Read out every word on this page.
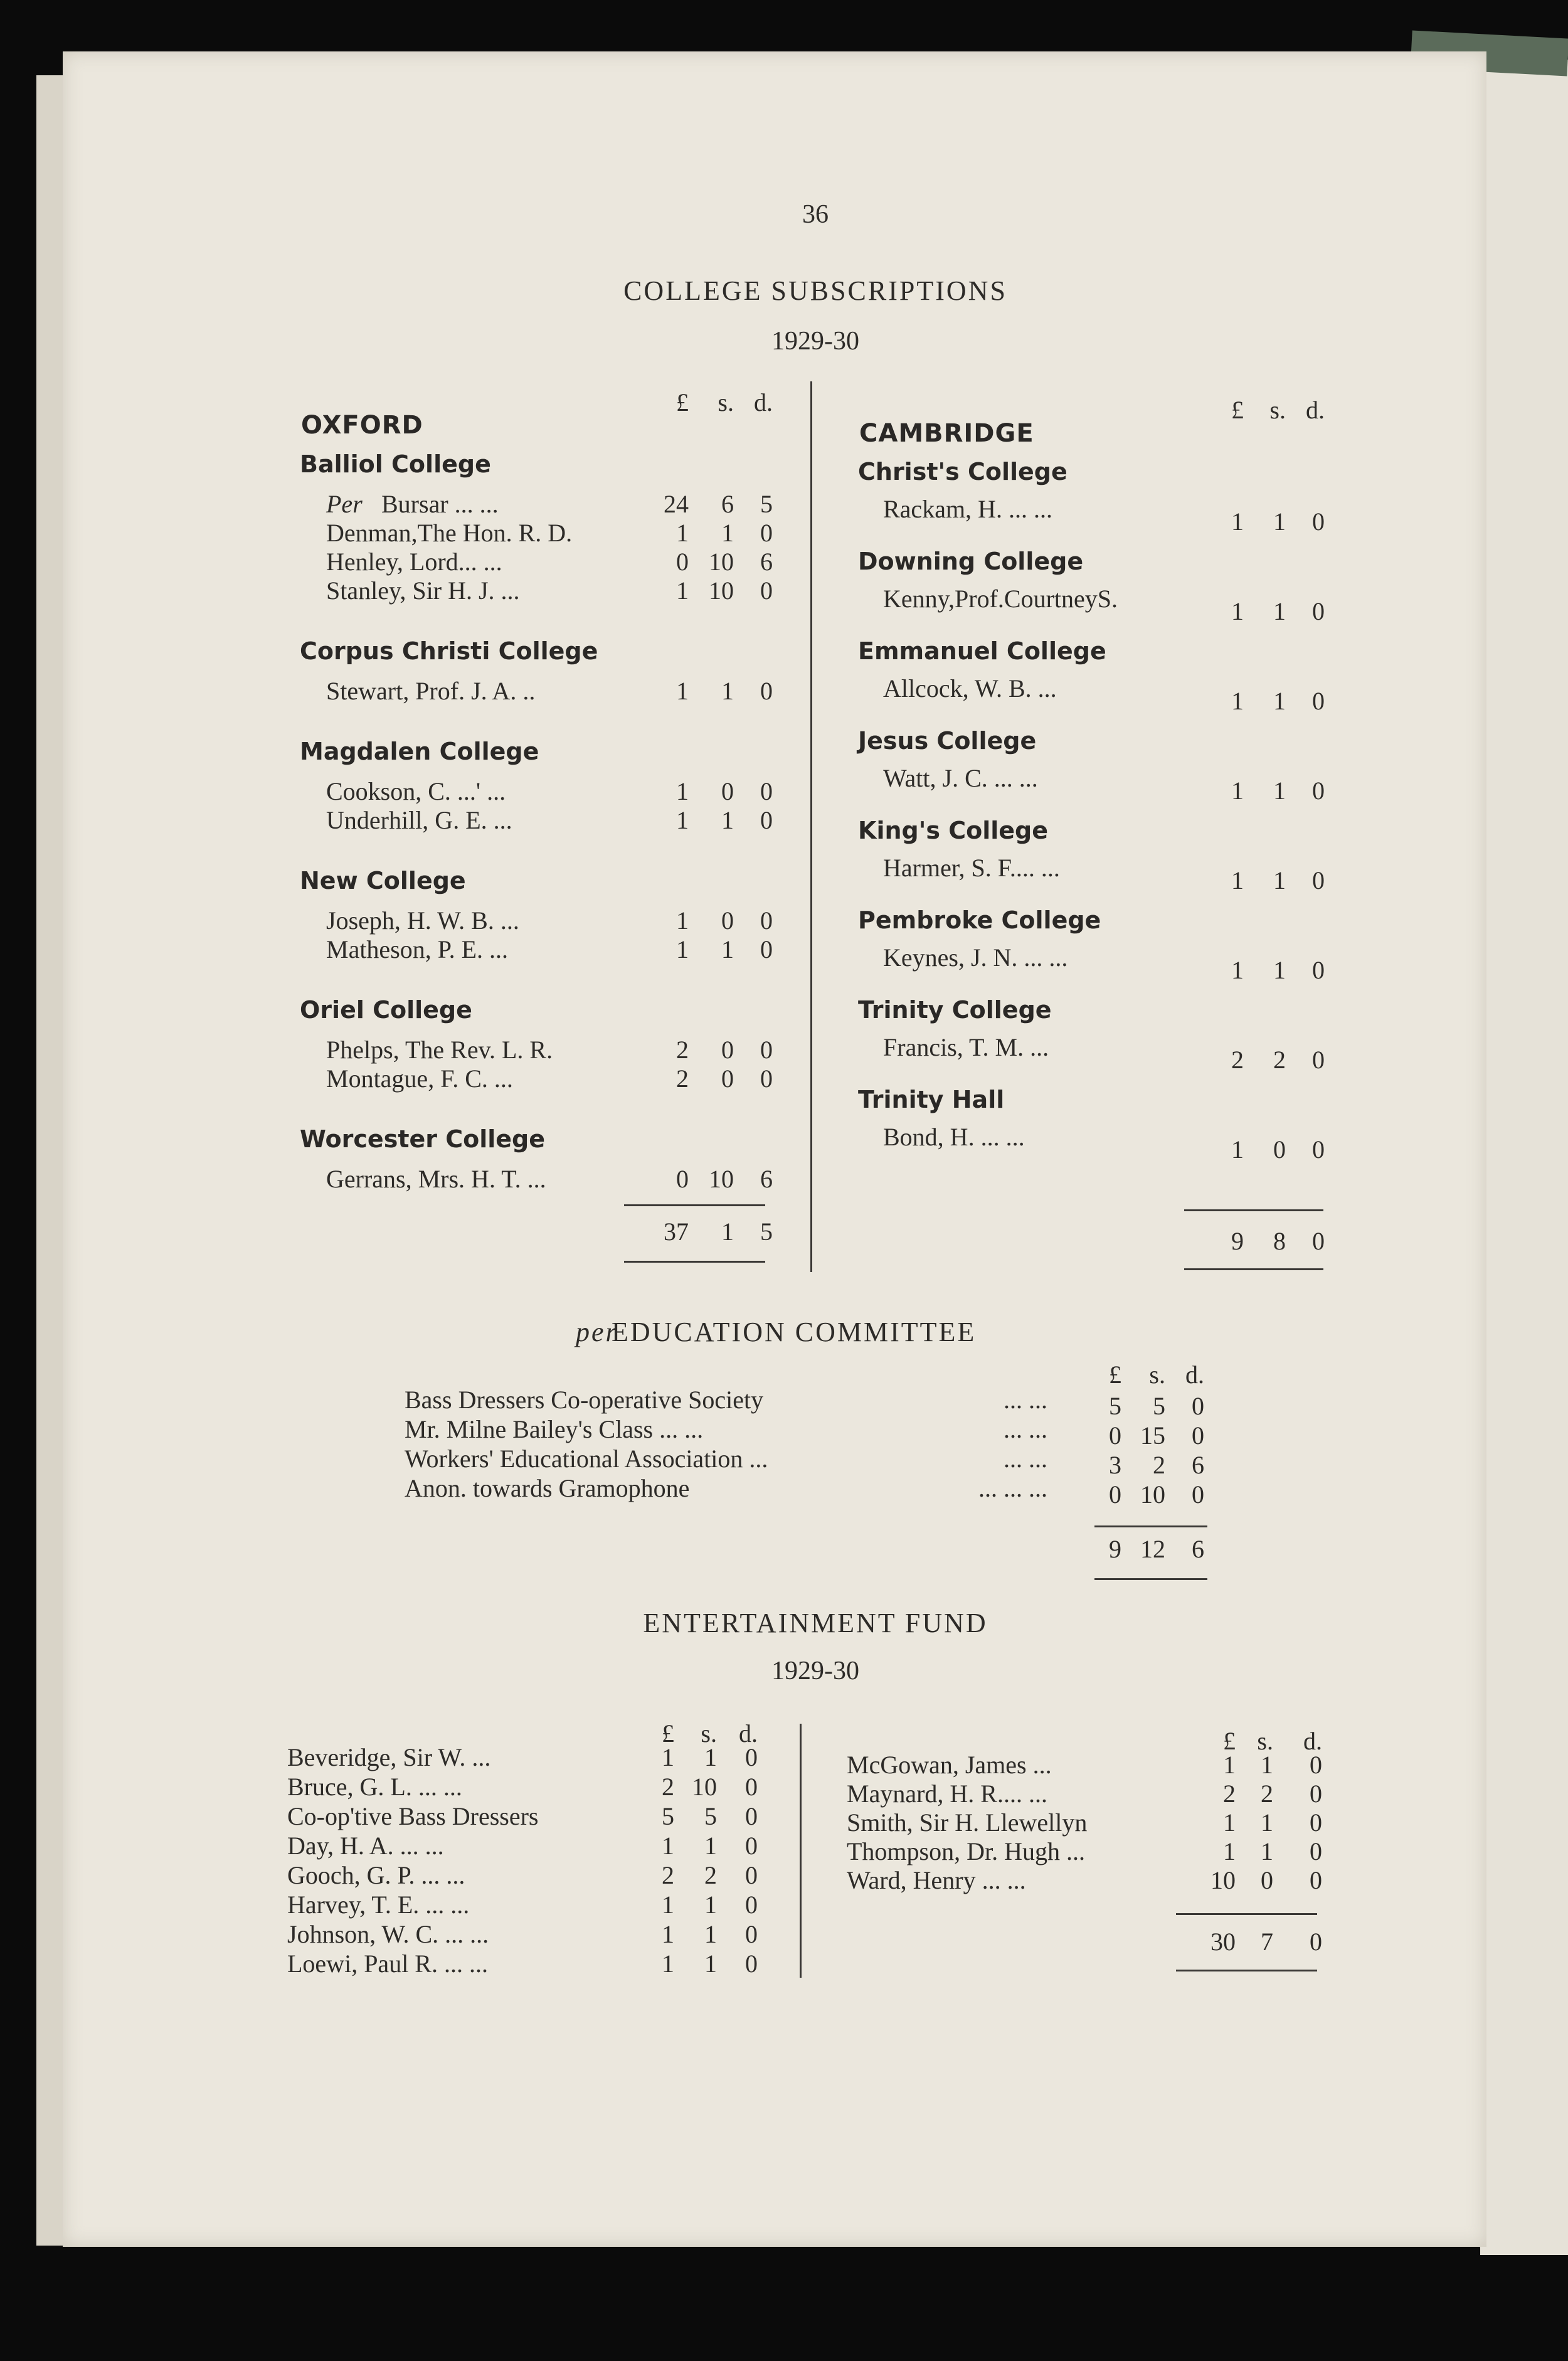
36
COLLEGE SUBSCRIPTIONS
1929-30
£	s. d.
OXFORD
Balliol College
Per Bursar ... ...	24	6	5
Denman,The Hon. R. D.	1	1	0
Henley, Lord... ...	0 10	6
Stanley, Sir H. J. ...	1 10	0
Corpus Christi College
Stewart, Prof. J. A. ..	1	1	0
Magdalen College
Cookson, C. ...' ...	1	0	0
Underhill, G. E. ...	1	1	0
New College
Joseph, H. W. B. ...	1	0	0
Matheson, P. E. ...	1	1	0
Oriel College
Phelps, The Rev. L. R.	2	0	0
Montague, F. C. ...	2	0	0
Worcester College
Gerrans, Mrs. H. T. ...	0 10	6
37	1	5
£	s. d.
CAMBRIDGE
Christ's College
Rackam, H. ... ...	1	1	0
Downing College
Kenny,Prof.CourtneyS.	1	1	0
Emmanuel College
Allcock, W. B. ...	1	1	0
Jesus College
Watt, J. C. ... ...	1	1	0
King's College
Harmer, S. F.... ...	1	1	0
Pembroke College
Keynes, J. N. ... ...	1	1	0
Trinity College
Francis, T. M. ...	2	2	0
Trinity Hall
Bond, H. ... ...	1	0	0
9	8	0
per
EDUCATION COMMITTEE
£	s. d.
Bass Dressers Co-operative Society	... ...	5	5	0
Mr. Milne Bailey's Class ... ...	... ...	0 15	0
Workers' Educational Association ...	... ...	3	2	6
Anon. towards Gramophone	... ... ...	0 10	0
9 12	6
ENTERTAINMENT FUND
1929-30
£	s. d.
Beveridge, Sir W. ...	1	1	0
Bruce, G. L. ... ...	2 10	0
Co-op'tive Bass Dressers	5	5	0
Day, H. A. ... ...	1	1	0
Gooch, G. P. ... ...	2	2	0
Harvey, T. E. ... ...	1	1	0
Johnson, W. C. ... ...	1	1	0
Loewi, Paul R. ... ...	1	1	0
£ s.	d.
McGowan, James ...	1	1	0
Maynard, H. R.... ...	2	2	0
Smith, Sir H. Llewellyn	1	1	0
Thompson, Dr. Hugh ...	1	1	0
Ward, Henry ... ...	10	0	0
30	7	0
